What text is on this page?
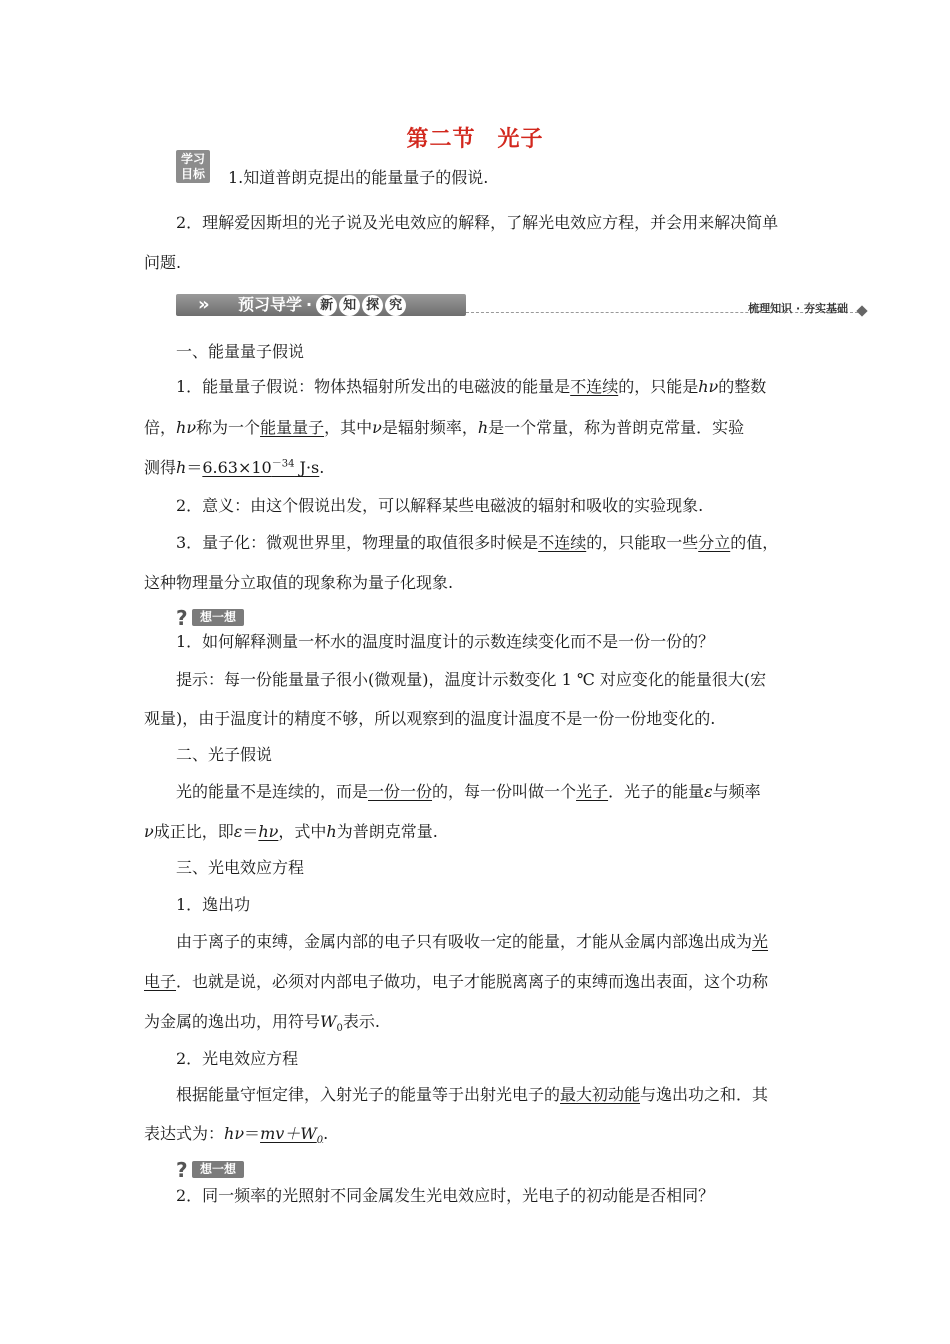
第二节 光子
学习
目标	1.知道普朗克提出的能量量子的假说.
2．理解爱因斯坦的光子说及光电效应的解释，了解光电效应方程，并会用来解决简单
问题.
» 预习导学 · 新 知 探 究	梳理知识 · 夯实基础
一、能量量子假说
1．能量量子假说：物体热辐射所发出的电磁波的能量是不连续的，只能是hν的整数
倍，hν称为一个能量量子，其中ν是辐射频率，h是一个常量，称为普朗克常量．实验
测得$h=6.63\times 10^{-34}$ J·s.
2．意义：由这个假说出发，可以解释某些电磁波的辐射和吸收的实验现象.
3．量子化：微观世界里，物理量的取值很多时候是不连续的，只能取一些分立的值，
这种物理量分立取值的现象称为量子化现象.
?	想一想
1．如何解释测量一杯水的温度时温度计的示数连续变化而不是一份一份的？
提示：每一份能量量子很小(微观量)，温度计示数变化 1 ℃ 对应变化的能量很大(宏
观量)，由于温度计的精度不够，所以观察到的温度计温度不是一份一份地变化的.
二、光子假说
光的能量不是连续的，而是一份一份的，每一份叫做一个光子．光子的能量ε与频率
ν成正比，即ε＝hν，式中h为普朗克常量.
三、光电效应方程
1．逸出功
由于离子的束缚，金属内部的电子只有吸收一定的能量，才能从金属内部逸出成为光
电子．也就是说，必须对内部电子做功，电子才能脱离离子的束缚而逸出表面，这个功称
为金属的逸出功，用符号$W_0$表示.
2．光电效应方程
根据能量守恒定律，入射光子的能量等于出射光电子的最大初动能与逸出功之和．其
表达式为：$h\nu=mv+W_0$.
?	想一想
2．同一频率的光照射不同金属发生光电效应时，光电子的初动能是否相同？
